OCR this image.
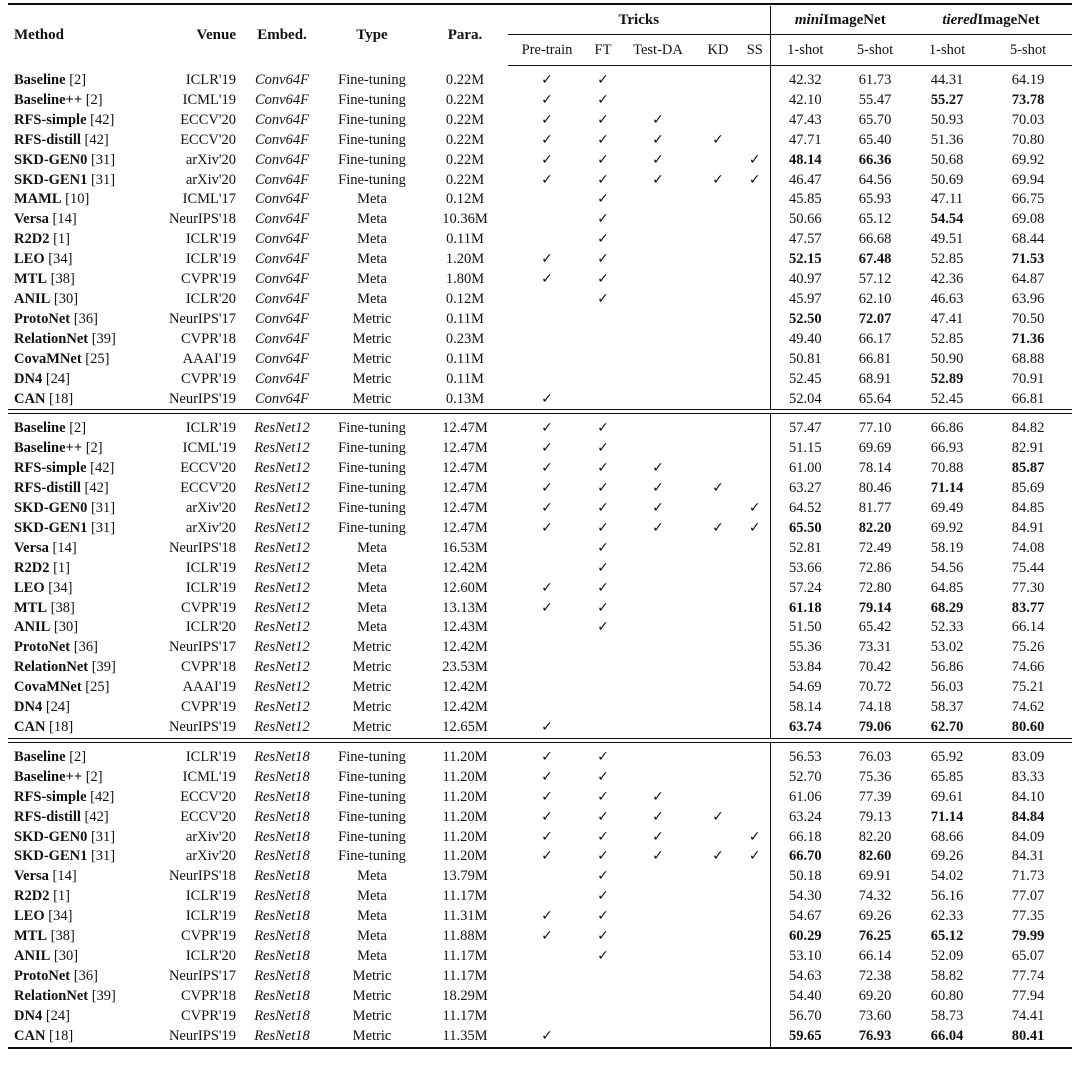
Method	Venue	Embed.	Type	Para.	Tricks					miniImageNet		tieredImageNet	
					Pre-train	FT	Test-DA	KD	SS	1-shot	5-shot	1-shot	5-shot

Baseline [2]	ICLR'19	Conv64F	Fine-tuning	0.22M	✓	✓				42.32	61.73	44.31	64.19
Baseline++ [2]	ICML'19	Conv64F	Fine-tuning	0.22M	✓	✓				42.10	55.47	55.27	73.78
RFS-simple [42]	ECCV'20	Conv64F	Fine-tuning	0.22M	✓	✓	✓			47.43	65.70	50.93	70.03
RFS-distill [42]	ECCV'20	Conv64F	Fine-tuning	0.22M	✓	✓	✓	✓		47.71	65.40	51.36	70.80
SKD-GEN0 [31]	arXiv'20	Conv64F	Fine-tuning	0.22M	✓	✓	✓		✓	48.14	66.36	50.68	69.92
SKD-GEN1 [31]	arXiv'20	Conv64F	Fine-tuning	0.22M	✓	✓	✓	✓	✓	46.47	64.56	50.69	69.94
MAML [10]	ICML'17	Conv64F	Meta	0.12M		✓				45.85	65.93	47.11	66.75
Versa [14]	NeurIPS'18	Conv64F	Meta	10.36M		✓				50.66	65.12	54.54	69.08
R2D2 [1]	ICLR'19	Conv64F	Meta	0.11M		✓				47.57	66.68	49.51	68.44
LEO [34]	ICLR'19	Conv64F	Meta	1.20M	✓	✓				52.15	67.48	52.85	71.53
MTL [38]	CVPR'19	Conv64F	Meta	1.80M	✓	✓				40.97	57.12	42.36	64.87
ANIL [30]	ICLR'20	Conv64F	Meta	0.12M		✓				45.97	62.10	46.63	63.96
ProtoNet [36]	NeurIPS'17	Conv64F	Metric	0.11M						52.50	72.07	47.41	70.50
RelationNet [39]	CVPR'18	Conv64F	Metric	0.23M						49.40	66.17	52.85	71.36
CovaMNet [25]	AAAI'19	Conv64F	Metric	0.11M						50.81	66.81	50.90	68.88
DN4 [24]	CVPR'19	Conv64F	Metric	0.11M						52.45	68.91	52.89	70.91
CAN [18]	NeurIPS'19	Conv64F	Metric	0.13M	✓					52.04	65.64	52.45	66.81

Baseline [2]	ICLR'19	ResNet12	Fine-tuning	12.47M	✓	✓				57.47	77.10	66.86	84.82
Baseline++ [2]	ICML'19	ResNet12	Fine-tuning	12.47M	✓	✓				51.15	69.69	66.93	82.91
RFS-simple [42]	ECCV'20	ResNet12	Fine-tuning	12.47M	✓	✓	✓			61.00	78.14	70.88	85.87
RFS-distill [42]	ECCV'20	ResNet12	Fine-tuning	12.47M	✓	✓	✓	✓		63.27	80.46	71.14	85.69
SKD-GEN0 [31]	arXiv'20	ResNet12	Fine-tuning	12.47M	✓	✓	✓		✓	64.52	81.77	69.49	84.85
SKD-GEN1 [31]	arXiv'20	ResNet12	Fine-tuning	12.47M	✓	✓	✓	✓	✓	65.50	82.20	69.92	84.91
Versa [14]	NeurIPS'18	ResNet12	Meta	16.53M		✓				52.81	72.49	58.19	74.08
R2D2 [1]	ICLR'19	ResNet12	Meta	12.42M		✓				53.66	72.86	54.56	75.44
LEO [34]	ICLR'19	ResNet12	Meta	12.60M	✓	✓				57.24	72.80	64.85	77.30
MTL [38]	CVPR'19	ResNet12	Meta	13.13M	✓	✓				61.18	79.14	68.29	83.77
ANIL [30]	ICLR'20	ResNet12	Meta	12.43M		✓				51.50	65.42	52.33	66.14
ProtoNet [36]	NeurIPS'17	ResNet12	Metric	12.42M						55.36	73.31	53.02	75.26
RelationNet [39]	CVPR'18	ResNet12	Metric	23.53M						53.84	70.42	56.86	74.66
CovaMNet [25]	AAAI'19	ResNet12	Metric	12.42M						54.69	70.72	56.03	75.21
DN4 [24]	CVPR'19	ResNet12	Metric	12.42M						58.14	74.18	58.37	74.62
CAN [18]	NeurIPS'19	ResNet12	Metric	12.65M	✓					63.74	79.06	62.70	80.60

Baseline [2]	ICLR'19	ResNet18	Fine-tuning	11.20M	✓	✓				56.53	76.03	65.92	83.09
Baseline++ [2]	ICML'19	ResNet18	Fine-tuning	11.20M	✓	✓				52.70	75.36	65.85	83.33
RFS-simple [42]	ECCV'20	ResNet18	Fine-tuning	11.20M	✓	✓	✓			61.06	77.39	69.61	84.10
RFS-distill [42]	ECCV'20	ResNet18	Fine-tuning	11.20M	✓	✓	✓	✓		63.24	79.13	71.14	84.84
SKD-GEN0 [31]	arXiv'20	ResNet18	Fine-tuning	11.20M	✓	✓	✓		✓	66.18	82.20	68.66	84.09
SKD-GEN1 [31]	arXiv'20	ResNet18	Fine-tuning	11.20M	✓	✓	✓	✓	✓	66.70	82.60	69.26	84.31
Versa [14]	NeurIPS'18	ResNet18	Meta	13.79M		✓				50.18	69.91	54.02	71.73
R2D2 [1]	ICLR'19	ResNet18	Meta	11.17M		✓				54.30	74.32	56.16	77.07
LEO [34]	ICLR'19	ResNet18	Meta	11.31M	✓	✓				54.67	69.26	62.33	77.35
MTL [38]	CVPR'19	ResNet18	Meta	11.88M	✓	✓				60.29	76.25	65.12	79.99
ANIL [30]	ICLR'20	ResNet18	Meta	11.17M		✓				53.10	66.14	52.09	65.07
ProtoNet [36]	NeurIPS'17	ResNet18	Metric	11.17M						54.63	72.38	58.82	77.74
RelationNet [39]	CVPR'18	ResNet18	Metric	18.29M						54.40	69.20	60.80	77.94
DN4 [24]	CVPR'19	ResNet18	Metric	11.17M						56.70	73.60	58.73	74.41
CAN [18]	NeurIPS'19	ResNet18	Metric	11.35M	✓					59.65	76.93	66.04	80.41
